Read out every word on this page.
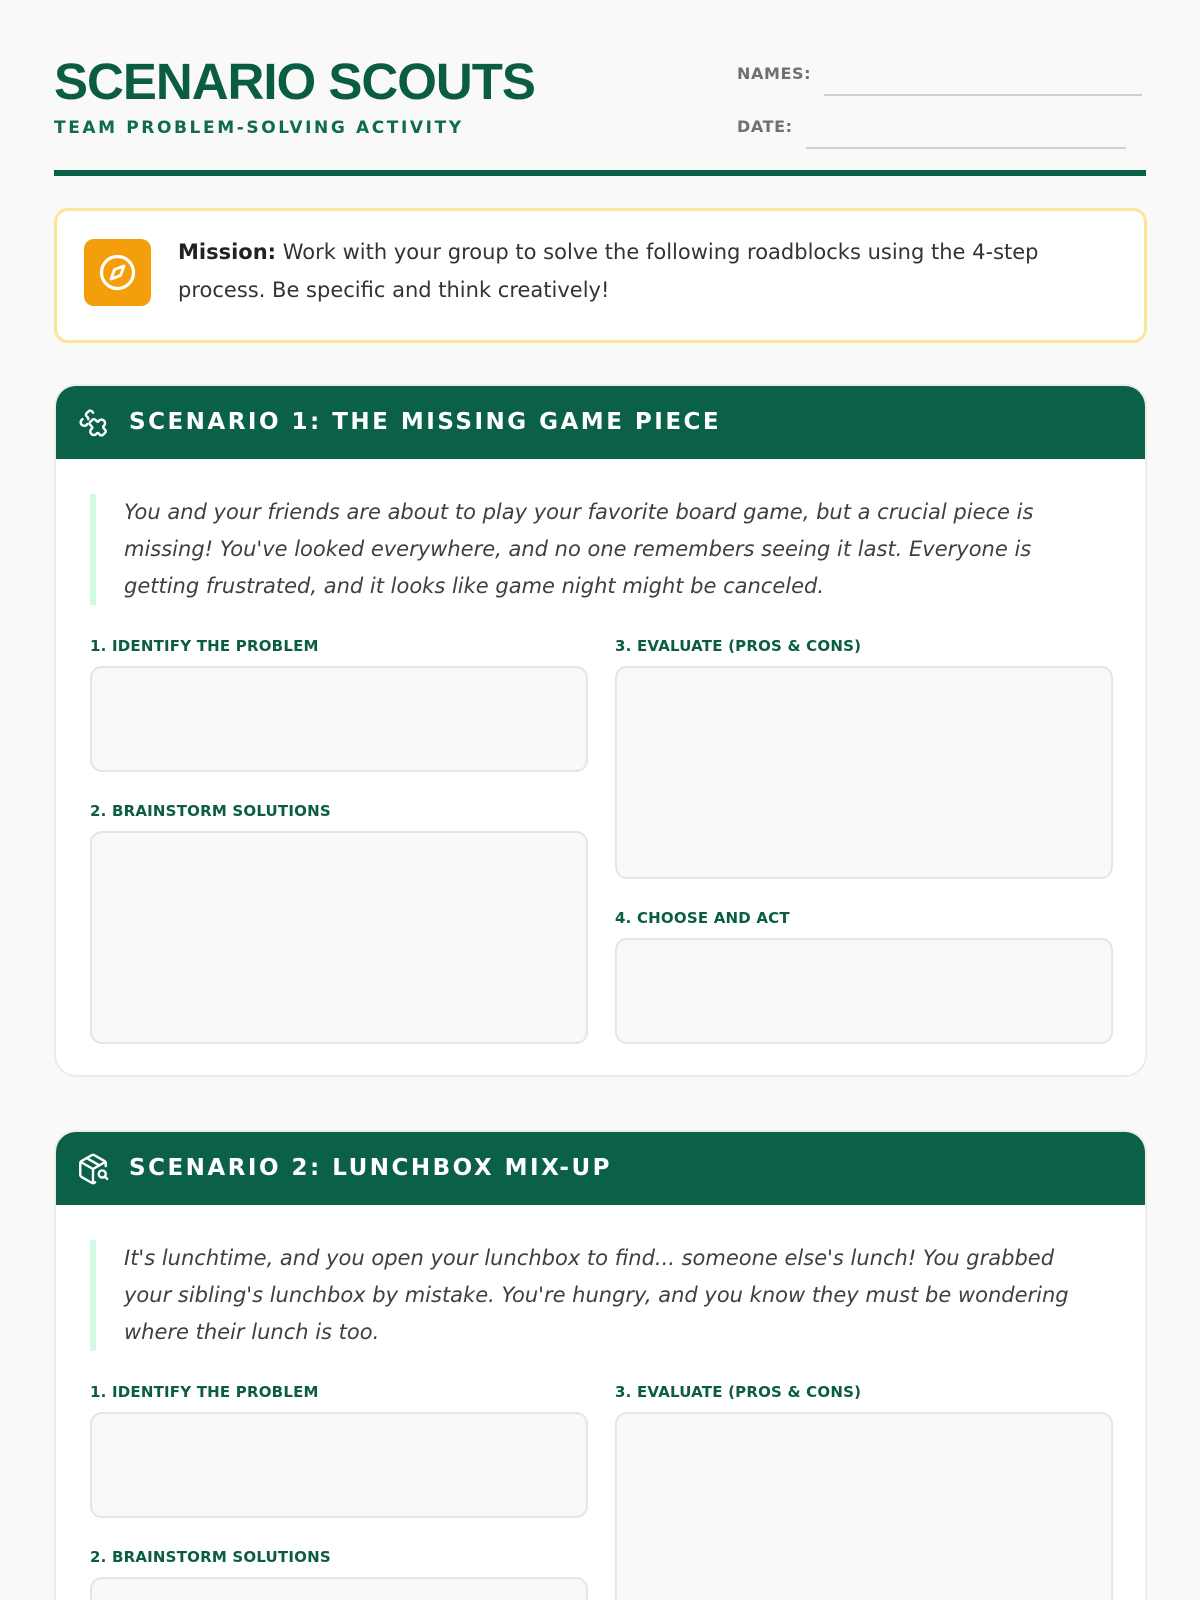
SCENARIO SCOUTS
TEAM PROBLEM-SOLVING ACTIVITY
NAMES:
DATE:
Mission: Work with your group to solve the following roadblocks using the 4-step process. Be specific and think creatively!
SCENARIO 1: THE MISSING GAME PIECE
You and your friends are about to play your favorite board game, but a crucial piece is missing! You've looked everywhere, and no one remembers seeing it last. Everyone is getting frustrated, and it looks like game night might be canceled.
1. IDENTIFY THE PROBLEM
2. BRAINSTORM SOLUTIONS
3. EVALUATE (PROS & CONS)
4. CHOOSE AND ACT
SCENARIO 2: LUNCHBOX MIX-UP
It's lunchtime, and you open your lunchbox to find... someone else's lunch! You grabbed your sibling's lunchbox by mistake. You're hungry, and you know they must be wondering where their lunch is too.
1. IDENTIFY THE PROBLEM
2. BRAINSTORM SOLUTIONS
3. EVALUATE (PROS & CONS)
